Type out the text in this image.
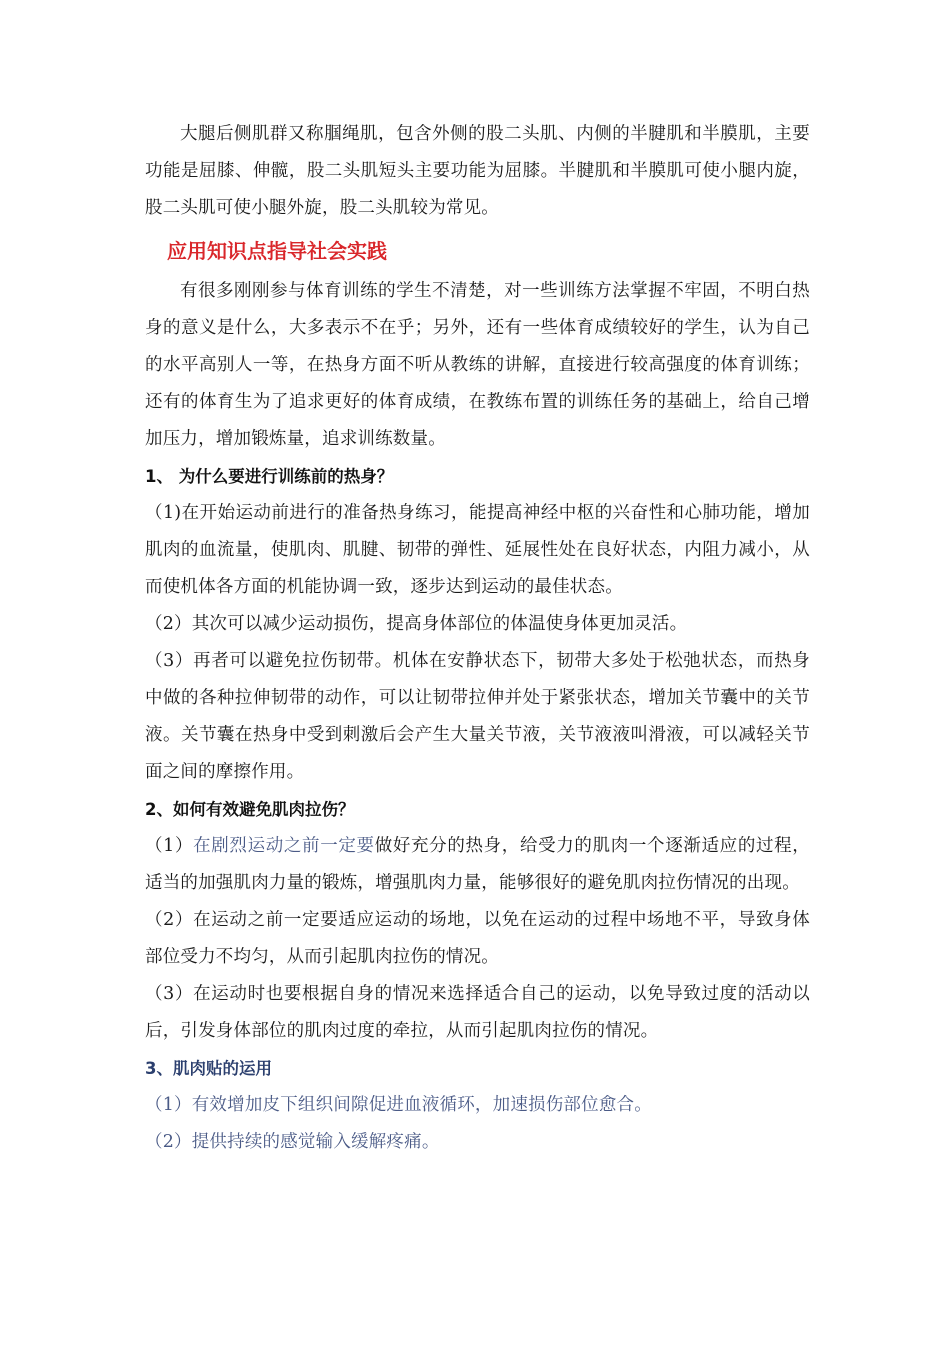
大腿后侧肌群又称腘绳肌，包含外侧的股二头肌、内侧的半腱肌和半膜肌，主要功能是屈膝、伸髋，股二头肌短头主要功能为屈膝。半腱肌和半膜肌可使小腿内旋，股二头肌可使小腿外旋，股二头肌较为常见。

应用知识点指导社会实践

有很多刚刚参与体育训练的学生不清楚，对一些训练方法掌握不牢固，不明白热身的意义是什么，大多表示不在乎；另外，还有一些体育成绩较好的学生，认为自己的水平高别人一等，在热身方面不听从教练的讲解，直接进行较高强度的体育训练；还有的体育生为了追求更好的体育成绩，在教练布置的训练任务的基础上，给自己增加压力，增加锻炼量，追求训练数量。

1、 为什么要进行训练前的热身？

（1)在开始运动前进行的准备热身练习，能提高神经中枢的兴奋性和心肺功能，增加肌肉的血流量，使肌肉、肌腱、韧带的弹性、延展性处在良好状态，内阻力减小，从而使机体各方面的机能协调一致，逐步达到运动的最佳状态。

（2）其次可以减少运动损伤，提高身体部位的体温使身体更加灵活。

（3）再者可以避免拉伤韧带。机体在安静状态下，韧带大多处于松弛状态，而热身中做的各种拉伸韧带的动作，可以让韧带拉伸并处于紧张状态，增加关节囊中的关节液。关节囊在热身中受到刺激后会产生大量关节液，关节液液叫滑液，可以减轻关节面之间的摩擦作用。

2、如何有效避免肌肉拉伤？

（1）在剧烈运动之前一定要做好充分的热身，给受力的肌肉一个逐渐适应的过程，适当的加强肌肉力量的锻炼，增强肌肉力量，能够很好的避免肌肉拉伤情况的出现。

（2）在运动之前一定要适应运动的场地，以免在运动的过程中场地不平，导致身体部位受力不均匀，从而引起肌肉拉伤的情况。

（3）在运动时也要根据自身的情况来选择适合自己的运动，以免导致过度的活动以后，引发身体部位的肌肉过度的牵拉，从而引起肌肉拉伤的情况。

3、肌肉贴的运用

（1）有效增加皮下组织间隙促进血液循环，加速损伤部位愈合。

（2）提供持续的感觉输入缓解疼痛。
